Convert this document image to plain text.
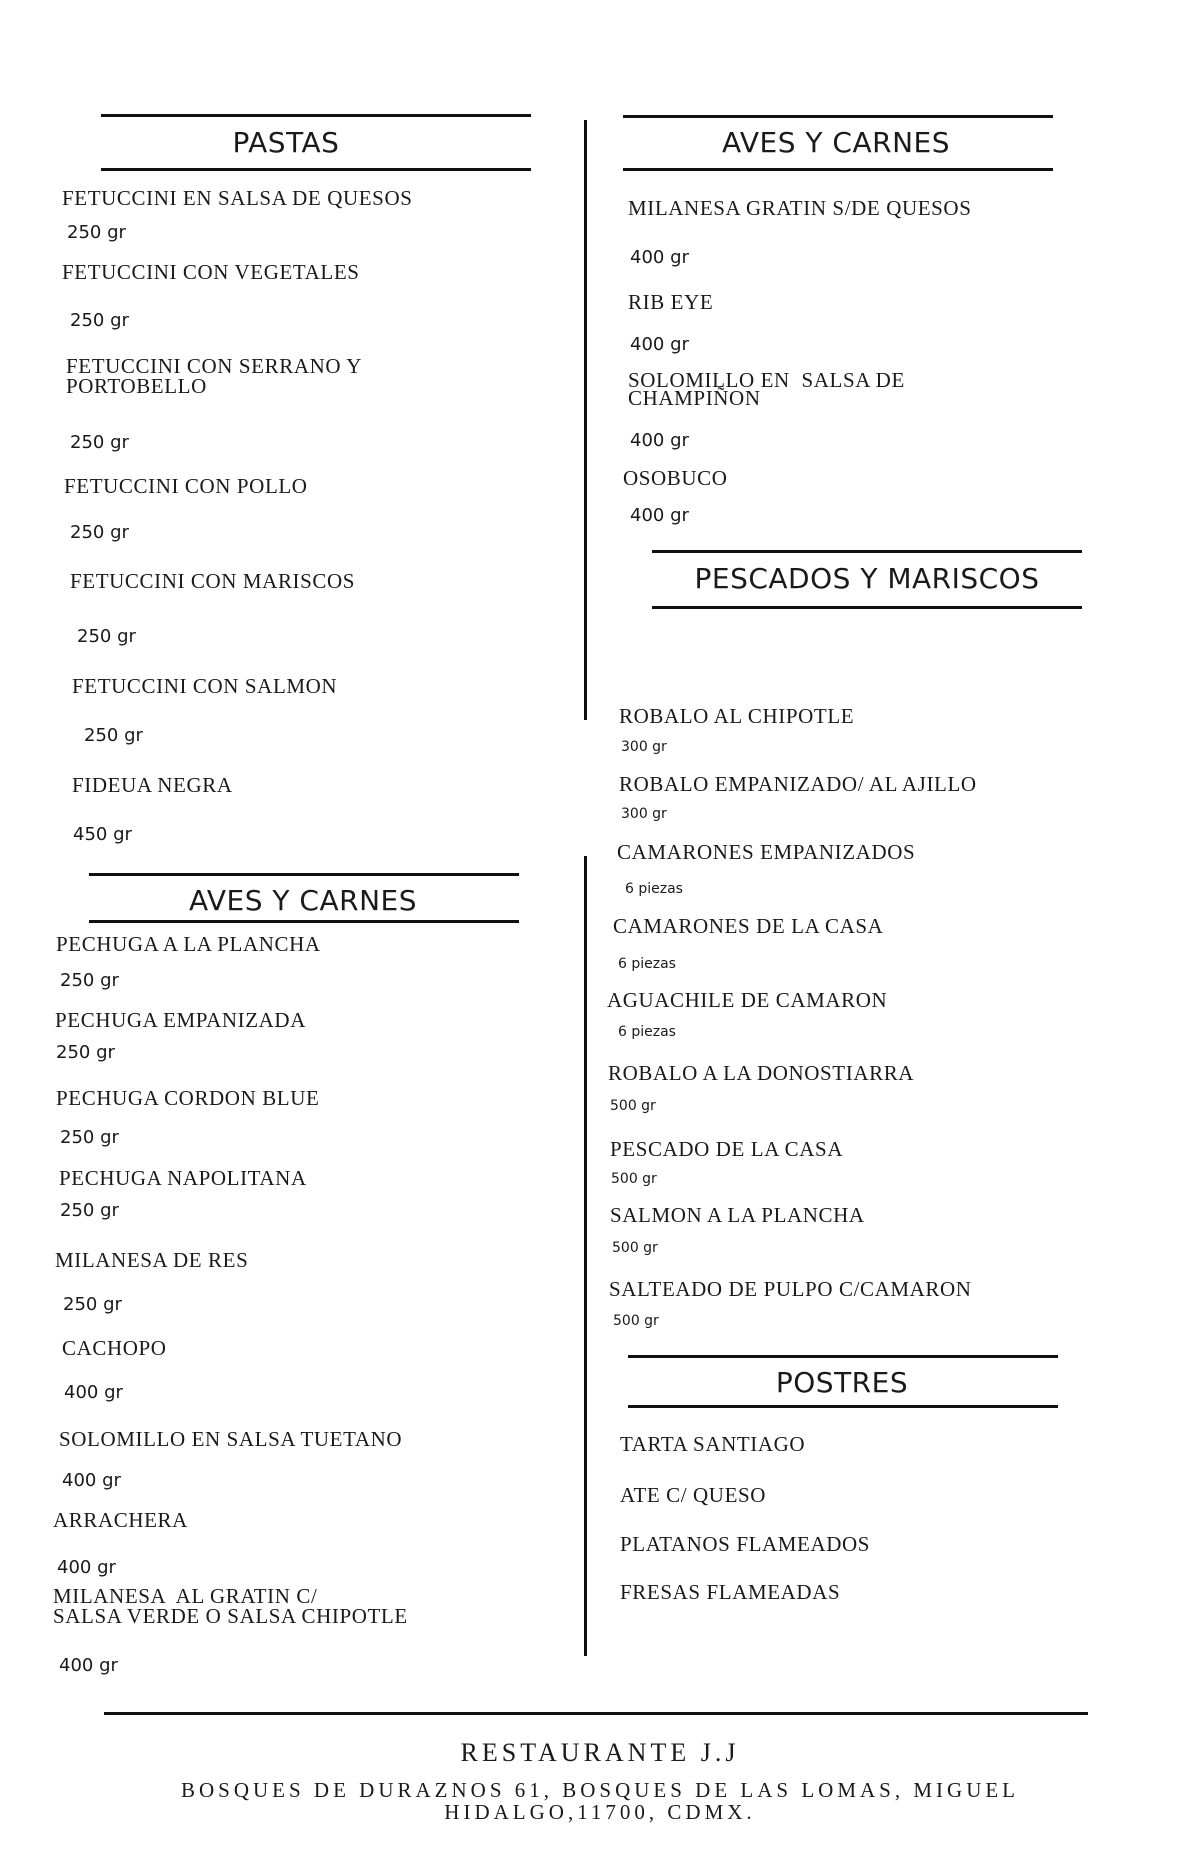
PASTAS
FETUCCINI EN SALSA DE QUESOS
250 gr
FETUCCINI CON VEGETALES
250 gr
FETUCCINI CON SERRANO Y
PORTOBELLO
250 gr
FETUCCINI CON POLLO
250 gr
FETUCCINI CON MARISCOS
250 gr
FETUCCINI CON SALMON
250 gr
FIDEUA NEGRA
450 gr
AVES Y CARNES
PECHUGA A LA PLANCHA
250 gr
PECHUGA EMPANIZADA
250 gr
PECHUGA CORDON BLUE
250 gr
PECHUGA NAPOLITANA
250 gr
MILANESA DE RES
250 gr
CACHOPO
400 gr
SOLOMILLO EN SALSA TUETANO
400 gr
ARRACHERA
400 gr
MILANESA  AL GRATIN C/
SALSA VERDE O SALSA CHIPOTLE
400 gr
AVES Y CARNES
MILANESA GRATIN S/DE QUESOS
400 gr
RIB EYE
400 gr
SOLOMILLO EN  SALSA DE
CHAMPIÑON
400 gr
OSOBUCO
400 gr
PESCADOS Y MARISCOS
ROBALO AL CHIPOTLE
300 gr
ROBALO EMPANIZADO/ AL AJILLO
300 gr
CAMARONES EMPANIZADOS
6 piezas
CAMARONES DE LA CASA
6 piezas
AGUACHILE DE CAMARON
6 piezas
ROBALO A LA DONOSTIARRA
500 gr
PESCADO DE LA CASA
500 gr
SALMON A LA PLANCHA
500 gr
SALTEADO DE PULPO C/CAMARON
500 gr
POSTRES
TARTA SANTIAGO
ATE C/ QUESO
PLATANOS FLAMEADOS
FRESAS FLAMEADAS
RESTAURANTE J.J
BOSQUES DE DURAZNOS 61, BOSQUES DE LAS LOMAS, MIGUEL HIDALGO,11700, CDMX.
